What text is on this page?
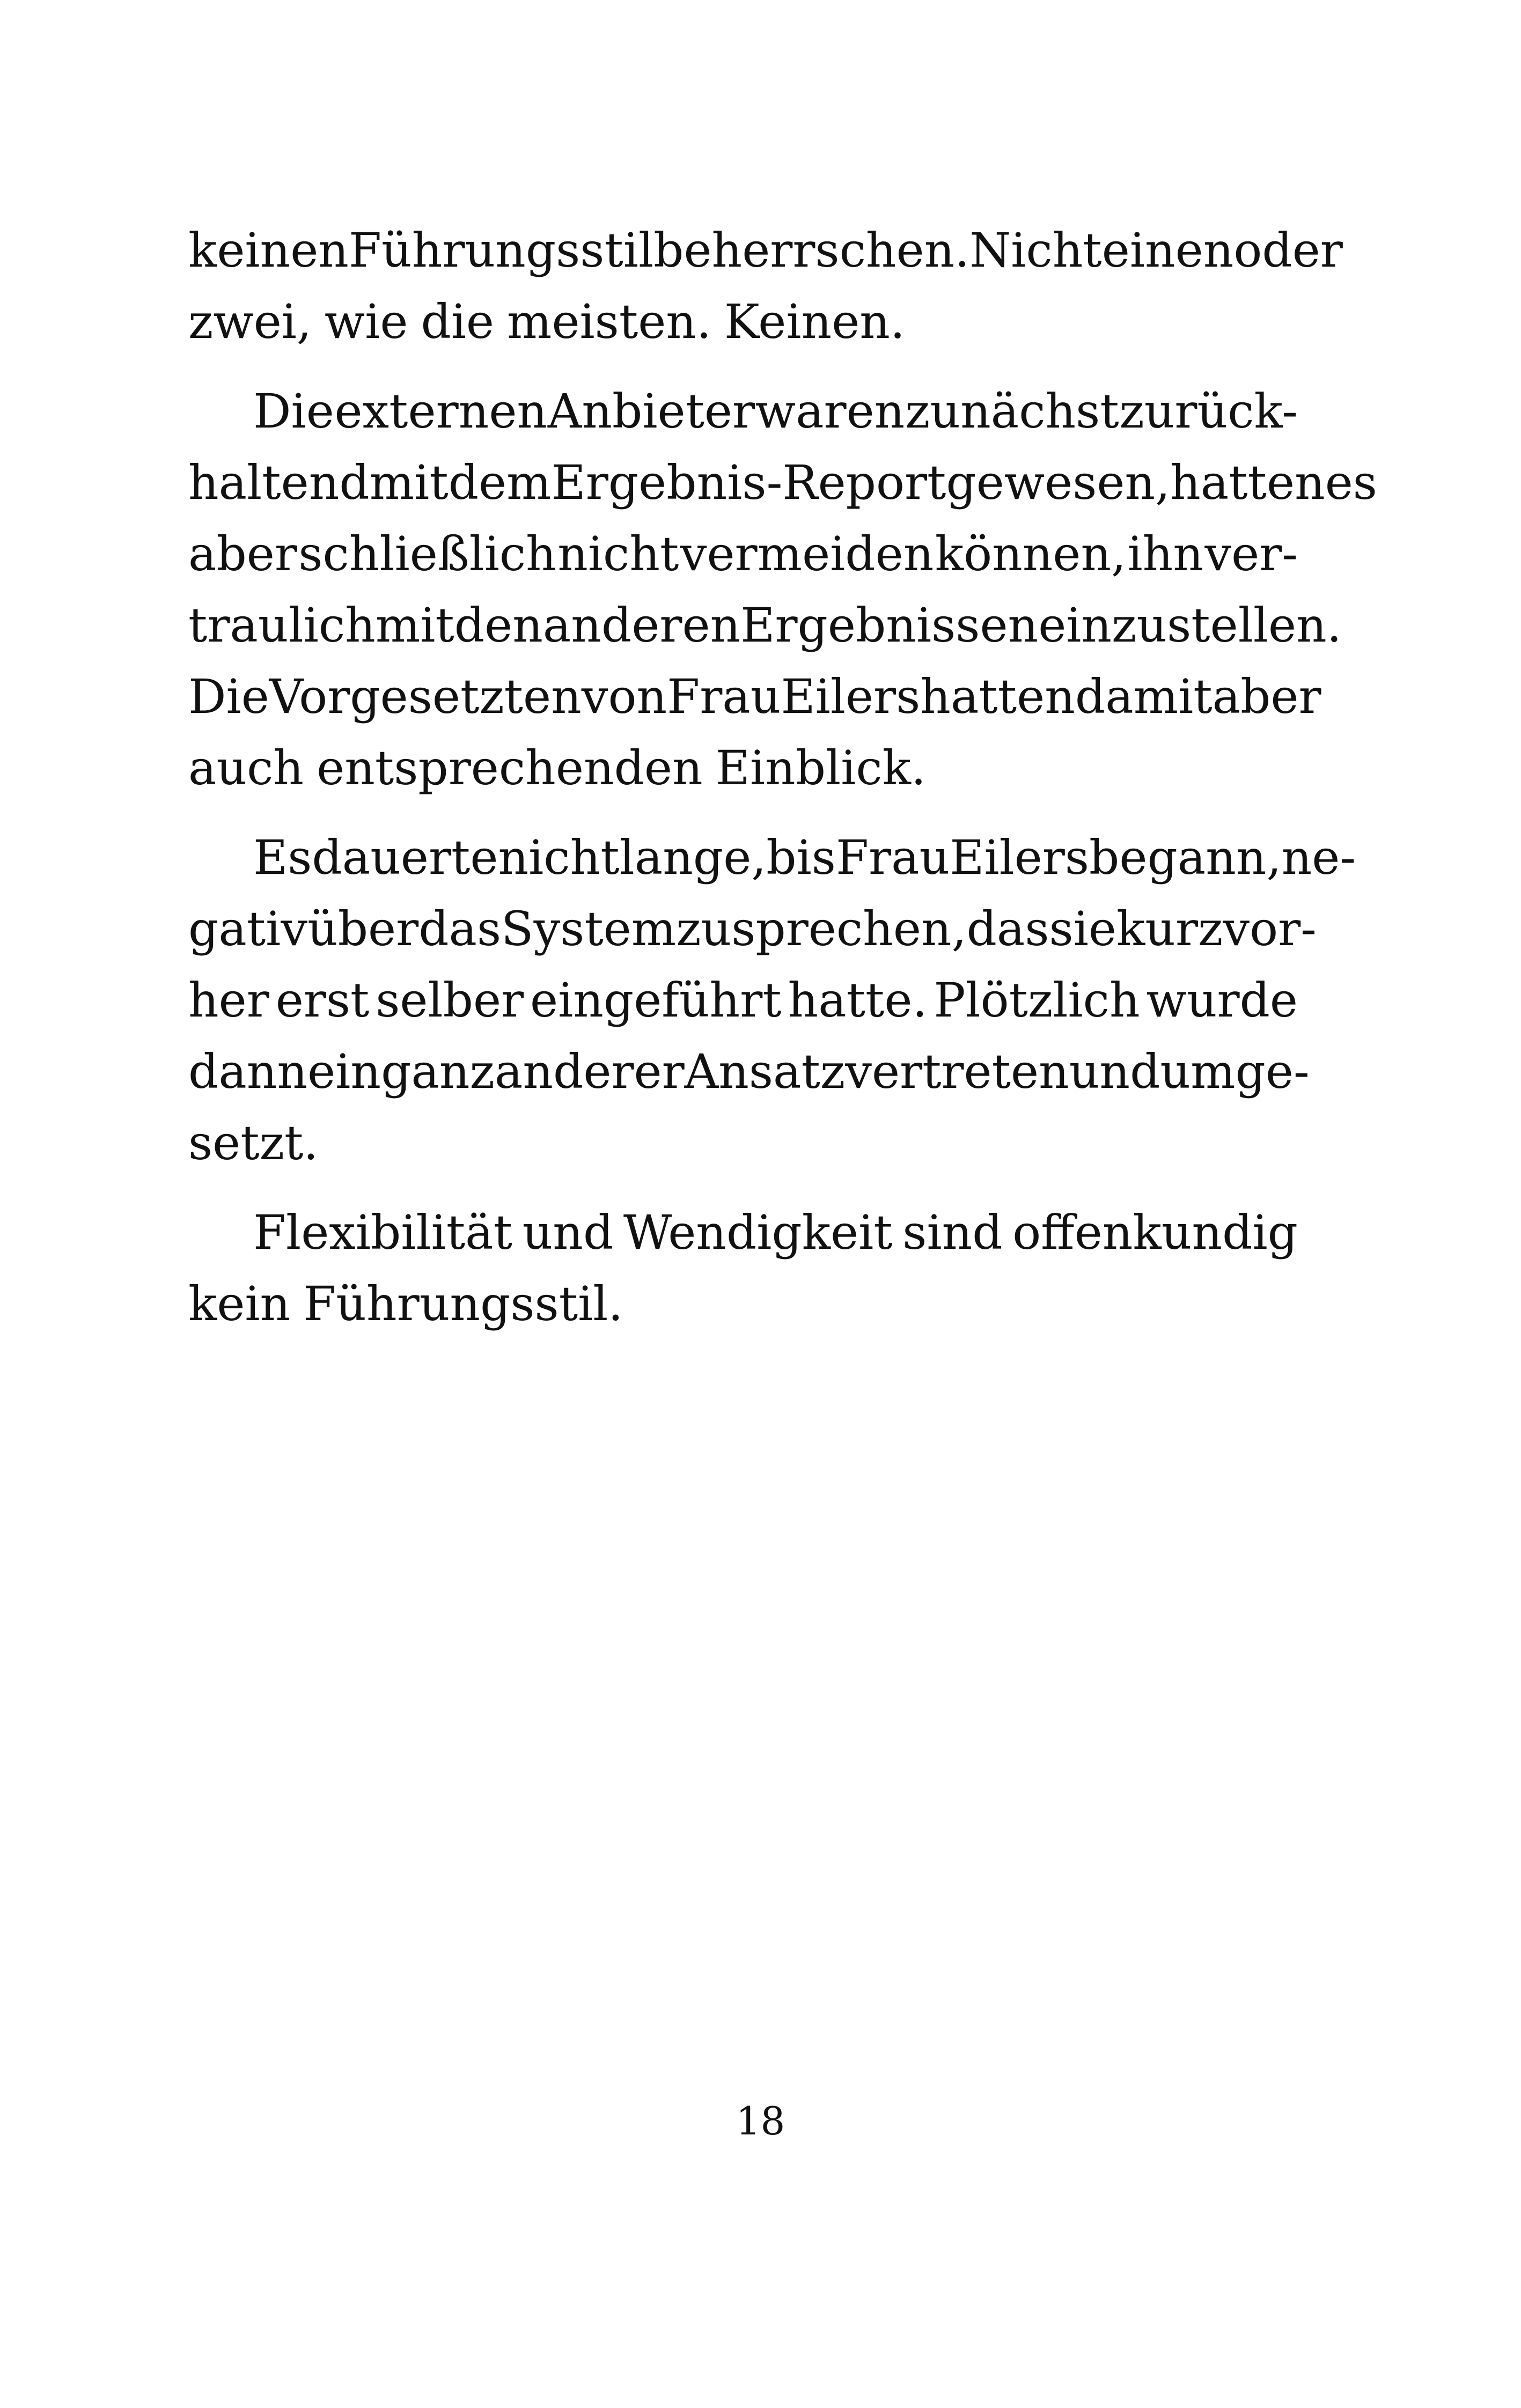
keinen Führungsstil beherrschen. Nicht einen oder
zwei, wie die meisten. Keinen.
Die externen Anbieter waren zunächst zurück-
haltend mit dem Ergebnis-Report gewesen, hatten es
aber schließlich nicht vermeiden können, ihn ver-
traulich mit den anderen Ergebnissen einzustellen.
Die Vorgesetzten von Frau Eilers hatten damit aber
auch entsprechenden Einblick.
Es dauerte nicht lange, bis Frau Eilers begann, ne-
gativ über das System zu sprechen, das sie kurz vor-
her erst selber eingeführt hatte. Plötzlich wurde
dann ein ganz anderer Ansatz vertreten und umge-
setzt.
Flexibilität und Wendigkeit sind offenkundig
kein Führungsstil.
18
